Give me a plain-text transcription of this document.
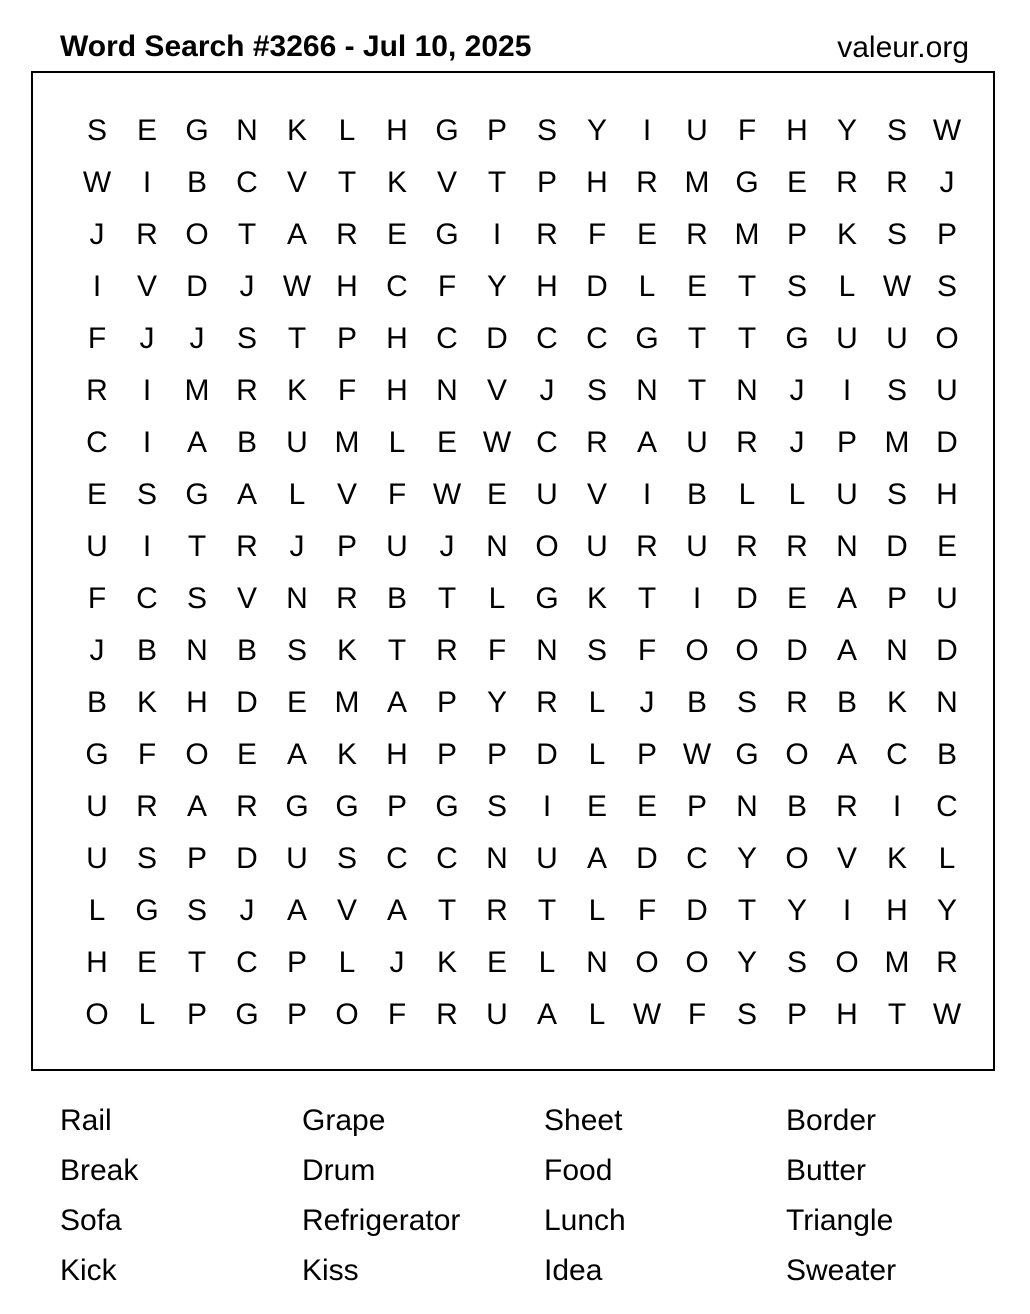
Word Search #3266 - Jul 10, 2025	valeur.org
S E G N K	L	H G P S Y	I	U	F	H Y S W
W	I	B C V	T	K V	T	P H R M G E R R	J
J	R O T	A R E G	I	R	F	E R M P K S P
I	V D	J W H C	F	Y H D	L	E	T	S	L W S
F	J	J	S	T	P H C D C C G T	T G U U O
R	I	M R K	F	H N V	J	S N	T	N	J	I	S U
C	I	A B U M L	E W C R A U R	J	P M D
E S G A	L	V	F W E U V	I	B	L	L	U S H
U	I	T	R	J	P U	J	N O U R U R R N D E
F	C S V N R B	T	L G K	T	I	D E A P U
J	B N B S K	T	R	F	N S	F O O D A N D
B K H D E M A P Y R	L	J	B S R B K N
G F O E A K H P P D	L	P W G O A C B
U R A R G G P G S	I	E E P N B R	I	C
U S P D U S C C N U A D C Y O V K	L
L G S	J	A V A	T	R	T	L	F	D	T	Y	I	H Y
H E	T	C P	L	J	K E	L	N O O Y S O M R
O L	P G P O F	R U A	L W F	S P H	T W
Rail	Grape	Sheet	Border
Break	Drum	Food	Butter
Sofa	Refrigerator	Lunch	Triangle
Kick	Kiss	Idea	Sweater
